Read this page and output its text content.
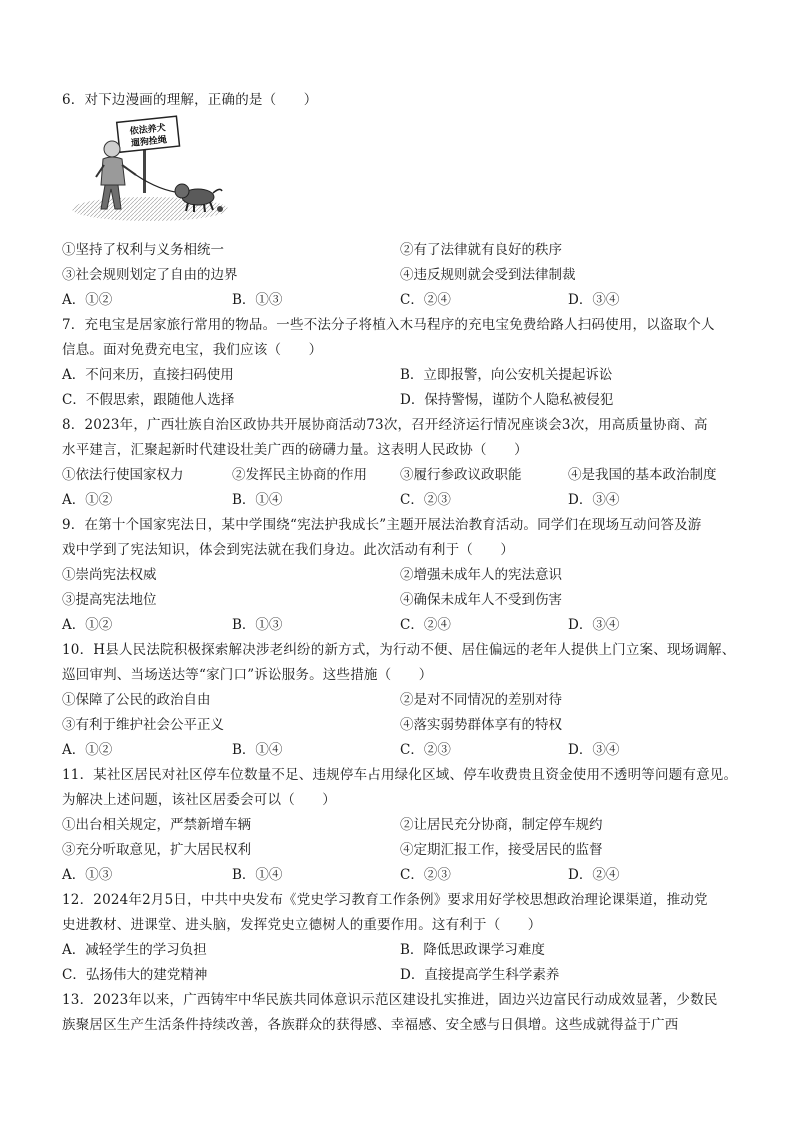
6．对下边漫画的理解，正确的是（　　）
依法养犬
遛狗拴绳
①坚持了权利与义务相统一	②有了法律就有良好的秩序
③社会规则划定了自由的边界	④违反规则就会受到法律制裁
A．①②	B．①③	C．②④	D．③④
7．充电宝是居家旅行常用的物品。一些不法分子将植入木马程序的充电宝免费给路人扫码使用，以盗取个人
信息。面对免费充电宝，我们应该（　　）
A．不问来历，直接扫码使用	B．立即报警，向公安机关提起诉讼
C．不假思索，跟随他人选择	D．保持警惕，谨防个人隐私被侵犯
8．2023年，广西壮族自治区政协共开展协商活动73次，召开经济运行情况座谈会3次，用高质量协商、高
水平建言，汇聚起新时代建设壮美广西的磅礴力量。这表明人民政协（　　）
①依法行使国家权力	②发挥民主协商的作用 ③履行参政议政职能	④是我国的基本政治制度
A．①②	B．①④	C．②③	D．③④
9．在第十个国家宪法日，某中学围绕“宪法护我成长”主题开展法治教育活动。同学们在现场互动问答及游
戏中学到了宪法知识，体会到宪法就在我们身边。此次活动有利于（　　）
①崇尚宪法权威	②增强未成年人的宪法意识
③提高宪法地位	④确保未成年人不受到伤害
A．①②	B．①③	C．②④	D．③④
10．H县人民法院积极探索解决涉老纠纷的新方式，为行动不便、居住偏远的老年人提供上门立案、现场调解、
巡回审判、当场送达等“家门口”诉讼服务。这些措施（　　）
①保障了公民的政治自由	②是对不同情况的差别对待
③有利于维护社会公平正义	④落实弱势群体享有的特权
A．①②	B．①④	C．②③	D．③④
11．某社区居民对社区停车位数量不足、违规停车占用绿化区域、停车收费贵且资金使用不透明等问题有意见。
为解决上述问题，该社区居委会可以（　　）
①出台相关规定，严禁新增车辆	②让居民充分协商，制定停车规约
③充分听取意见，扩大居民权利	④定期汇报工作，接受居民的监督
A．①③	B．①④	C．②③	D．②④
12．2024年2月5日，中共中央发布《党史学习教育工作条例》要求用好学校思想政治理论课渠道，推动党
史进教材、进课堂、进头脑，发挥党史立德树人的重要作用。这有利于（　　）
A．减轻学生的学习负担	B．降低思政课学习难度
C．弘扬伟大的建党精神	D．直接提高学生科学素养
13．2023年以来，广西铸牢中华民族共同体意识示范区建设扎实推进，固边兴边富民行动成效显著，少数民
族聚居区生产生活条件持续改善，各族群众的获得感、幸福感、安全感与日俱增。这些成就得益于广西
